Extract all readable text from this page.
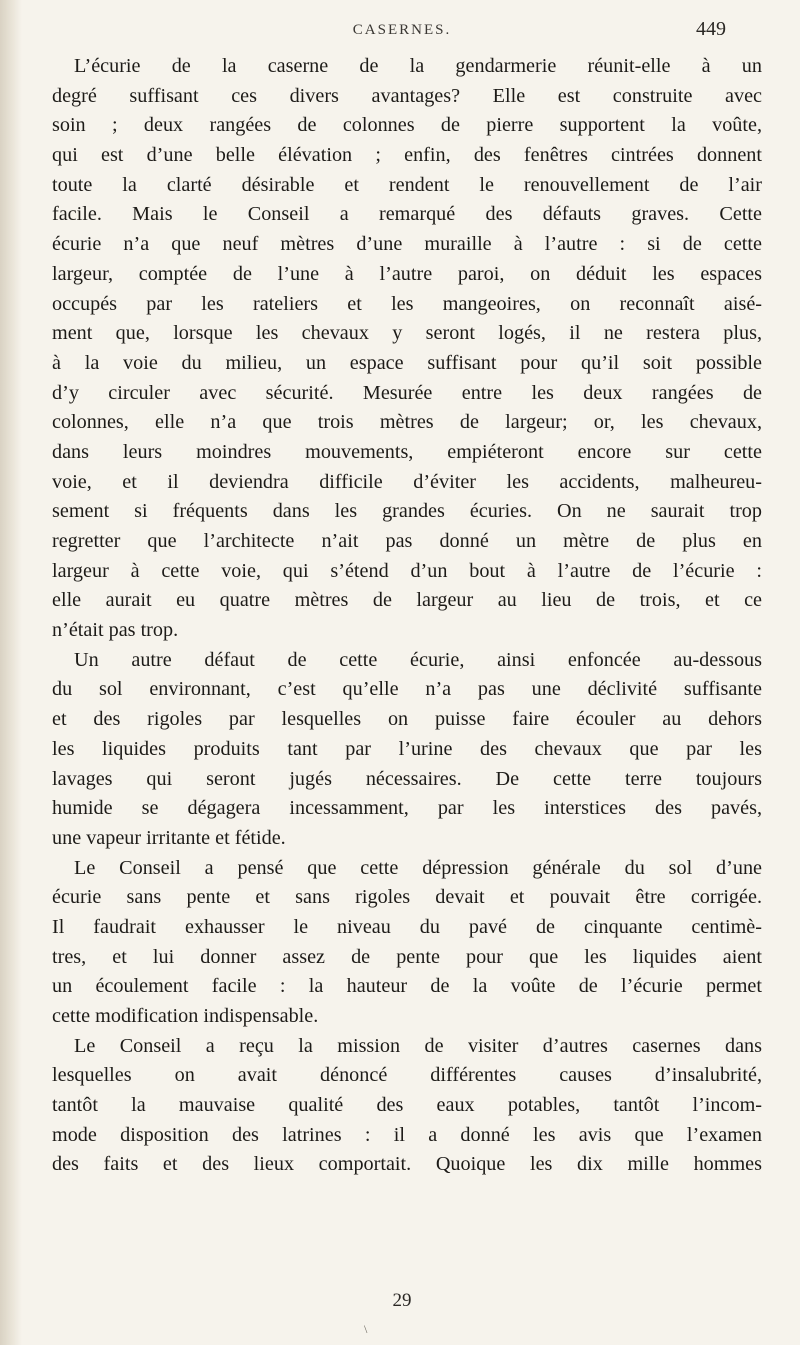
CASERNES.	449
L’écurie de la caserne de la gendarmerie réunit-elle à un
degré suffisant ces divers avantages? Elle est construite avec
soin ; deux rangées de colonnes de pierre supportent la voûte,
qui est d’une belle élévation ; enfin, des fenêtres cintrées donnent
toute la clarté désirable et rendent le renouvellement de l’air
facile. Mais le Conseil a remarqué des défauts graves. Cette
écurie n’a que neuf mètres d’une muraille à l’autre : si de cette
largeur, comptée de l’une à l’autre paroi, on déduit les espaces
occupés par les rateliers et les mangeoires, on reconnaît aisé-
ment que, lorsque les chevaux y seront logés, il ne restera plus,
à la voie du milieu, un espace suffisant pour qu’il soit possible
d’y circuler avec sécurité. Mesurée entre les deux rangées de
colonnes, elle n’a que trois mètres de largeur; or, les chevaux,
dans leurs moindres mouvements, empiéteront encore sur cette
voie, et il deviendra difficile d’éviter les accidents, malheureu-
sement si fréquents dans les grandes écuries. On ne saurait trop
regretter que l’architecte n’ait pas donné un mètre de plus en
largeur à cette voie, qui s’étend d’un bout à l’autre de l’écurie :
elle aurait eu quatre mètres de largeur au lieu de trois, et ce
n’était pas trop.
Un autre défaut de cette écurie, ainsi enfoncée au-dessous
du sol environnant, c’est qu’elle n’a pas une déclivité suffisante
et des rigoles par lesquelles on puisse faire écouler au dehors
les liquides produits tant par l’urine des chevaux que par les
lavages qui seront jugés nécessaires. De cette terre toujours
humide se dégagera incessamment, par les interstices des pavés,
une vapeur irritante et fétide.
Le Conseil a pensé que cette dépression générale du sol d’une
écurie sans pente et sans rigoles devait et pouvait être corrigée.
Il faudrait exhausser le niveau du pavé de cinquante centimè-
tres, et lui donner assez de pente pour que les liquides aient
un écoulement facile : la hauteur de la voûte de l’écurie permet
cette modification indispensable.
Le Conseil a reçu la mission de visiter d’autres casernes dans
lesquelles on avait dénoncé différentes causes d’insalubrité,
tantôt la mauvaise qualité des eaux potables, tantôt l’incom-
mode disposition des latrines : il a donné les avis que l’examen
des faits et des lieux comportait. Quoique les dix mille hommes
29
\
